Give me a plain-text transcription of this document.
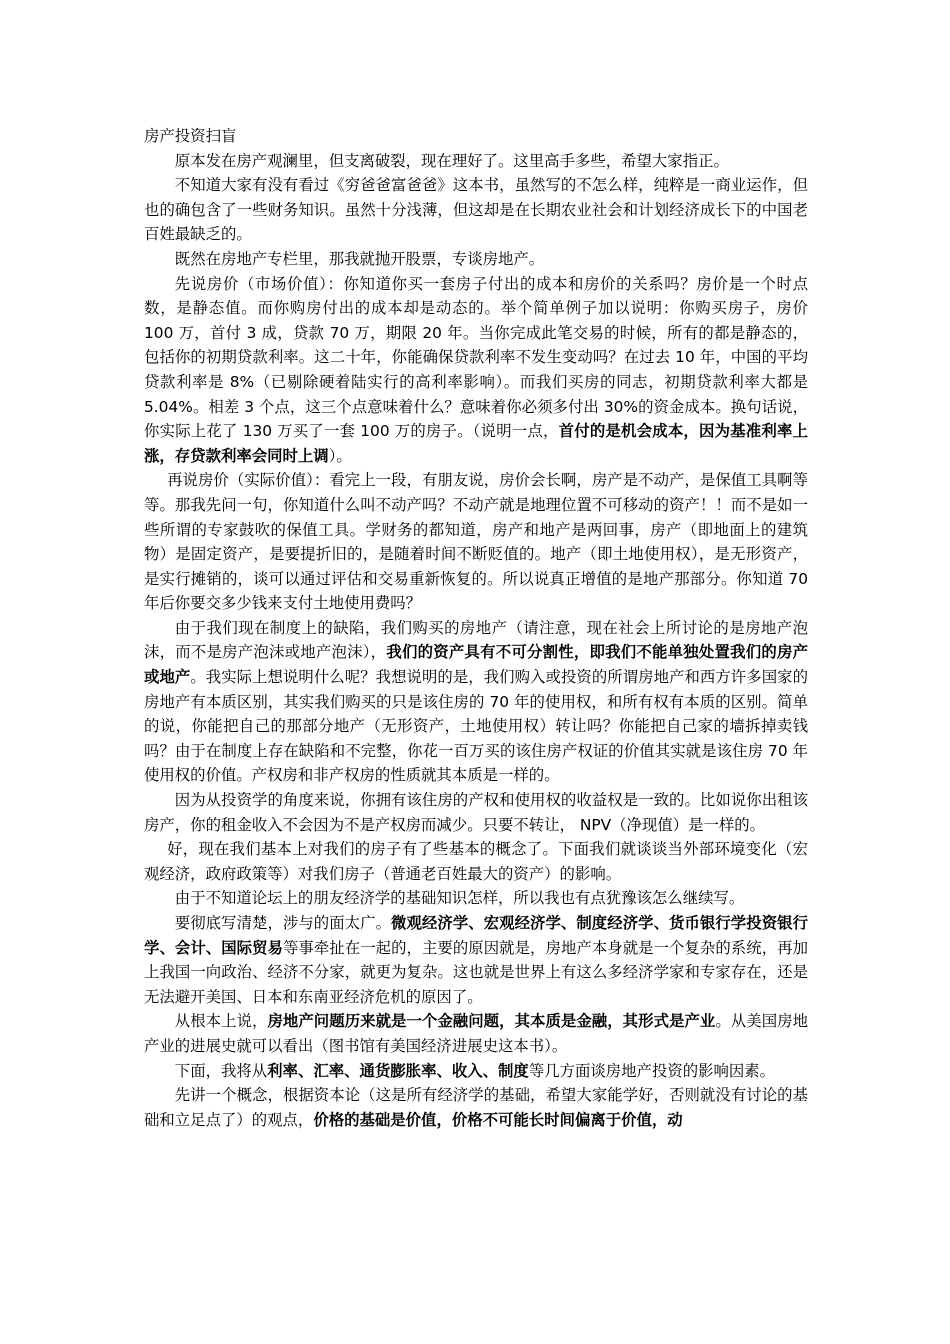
房产投资扫盲

原本发在房产观澜里，但支离破裂，现在理好了。这里高手多些，希望大家指正。

不知道大家有没有看过《穷爸爸富爸爸》这本书，虽然写的不怎么样，纯粹是一商业运作，但也的确包含了一些财务知识。虽然十分浅薄，但这却是在长期农业社会和计划经济成长下的中国老百姓最缺乏的。

既然在房地产专栏里，那我就抛开股票，专谈房地产。

先说房价（市场价值）：你知道你买一套房子付出的成本和房价的关系吗？房价是一个时点数，是静态值。而你购房付出的成本却是动态的。举个简单例子加以说明：你购买房子，房价 100 万，首付 3 成，贷款 70 万，期限 20 年。当你完成此笔交易的时候，所有的都是静态的，包括你的初期贷款利率。这二十年，你能确保贷款利率不发生变动吗？在过去 10 年，中国的平均贷款利率是 8%（已剔除硬着陆实行的高利率影响）。而我们买房的同志，初期贷款利率大都是 5.04%。相差 3 个点，这三个点意味着什么？意味着你必须多付出 30%的资金成本。换句话说，你实际上花了 130 万买了一套 100 万的房子。（说明一点，首付的是机会成本，因为基准利率上涨，存贷款利率会同时上调）。

再说房价（实际价值）：看完上一段，有朋友说，房价会长啊，房产是不动产，是保值工具啊等等。那我先问一句，你知道什么叫不动产吗？不动产就是地理位置不可移动的资产！！而不是如一些所谓的专家鼓吹的保值工具。学财务的都知道，房产和地产是两回事，房产（即地面上的建筑物）是固定资产，是要提折旧的，是随着时间不断贬值的。地产（即土地使用权），是无形资产，是实行摊销的，谈可以通过评估和交易重新恢复的。所以说真正增值的是地产那部分。你知道 70 年后你要交多少钱来支付土地使用费吗？

由于我们现在制度上的缺陷，我们购买的房地产（请注意，现在社会上所讨论的是房地产泡沫，而不是房产泡沫或地产泡沫），我们的资产具有不可分割性，即我们不能单独处置我们的房产或地产。我实际上想说明什么呢？我想说明的是，我们购入或投资的所谓房地产和西方许多国家的房地产有本质区别，其实我们购买的只是该住房的 70 年的使用权，和所有权有本质的区别。简单的说，你能把自己的那部分地产（无形资产，土地使用权）转让吗？你能把自己家的墙拆掉卖钱吗？由于在制度上存在缺陷和不完整，你花一百万买的该住房产权证的价值其实就是该住房 70 年使用权的价值。产权房和非产权房的性质就其本质是一样的。

因为从投资学的角度来说，你拥有该住房的产权和使用权的收益权是一致的。比如说你出租该房产，你的租金收入不会因为不是产权房而减少。只要不转让， NPV（净现值）是一样的。

好，现在我们基本上对我们的房子有了些基本的概念了。下面我们就谈谈当外部环境变化（宏观经济，政府政策等）对我们房子（普通老百姓最大的资产）的影响。

由于不知道论坛上的朋友经济学的基础知识怎样，所以我也有点犹豫该怎么继续写。

要彻底写清楚，涉与的面太广。微观经济学、宏观经济学、制度经济学、货币银行学投资银行学、会计、国际贸易等事牵扯在一起的，主要的原因就是，房地产本身就是一个复杂的系统，再加上我国一向政治、经济不分家，就更为复杂。这也就是世界上有这么多经济学家和专家存在，还是无法避开美国、日本和东南亚经济危机的原因了。

从根本上说，房地产问题历来就是一个金融问题，其本质是金融，其形式是产业。从美国房地产业的进展史就可以看出（图书馆有美国经济进展史这本书）。

下面，我将从利率、汇率、通货膨胀率、收入、制度等几方面谈房地产投资的影响因素。

先讲一个概念，根据资本论（这是所有经济学的基础，希望大家能学好，否则就没有讨论的基础和立足点了）的观点，价格的基础是价值，价格不可能长时间偏离于价值，动
